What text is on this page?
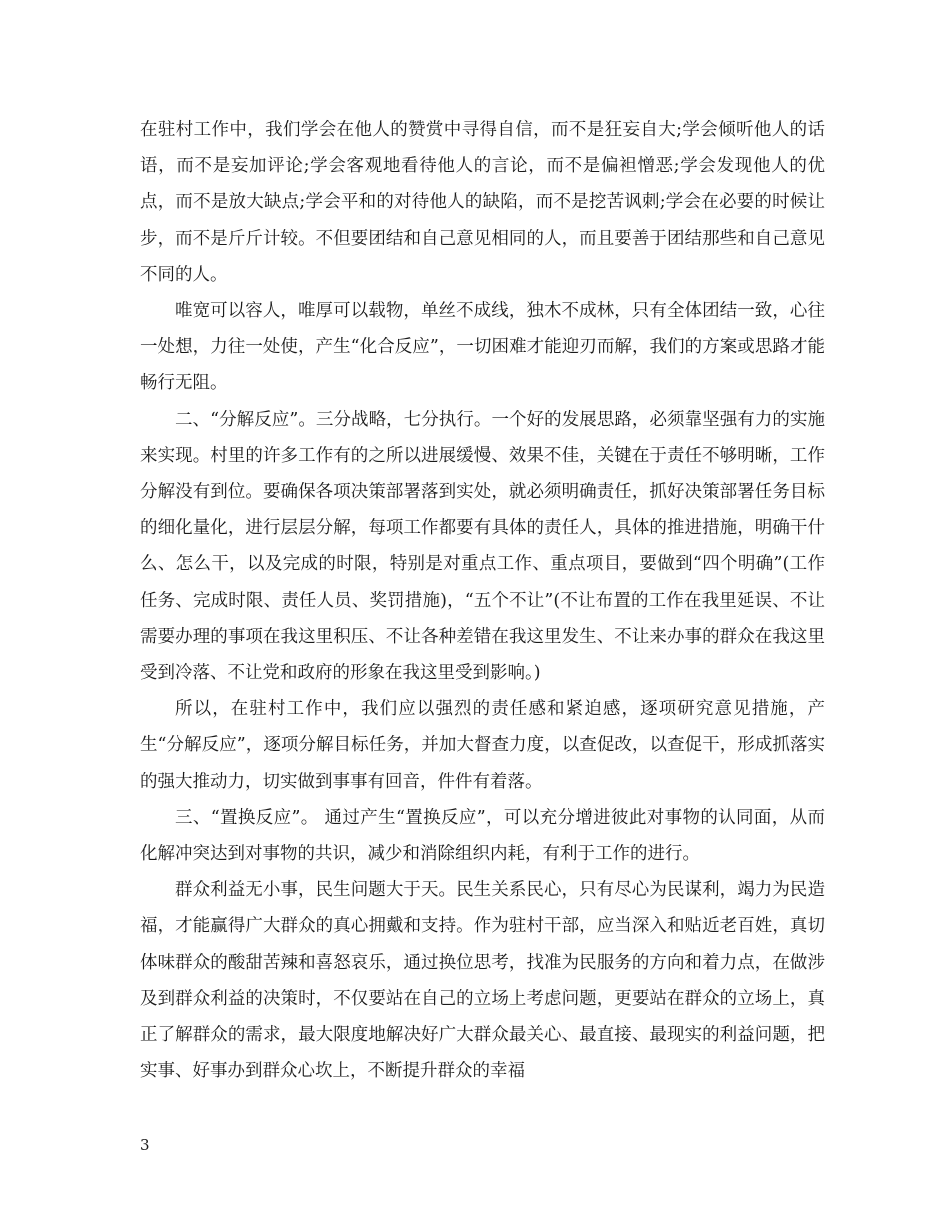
在驻村工作中，我们学会在他人的赞赏中寻得自信，而不是狂妄自大;学会倾听他人的话语，而不是妄加评论;学会客观地看待他人的言论，而不是偏袒憎恶;学会发现他人的优点，而不是放大缺点;学会平和的对待他人的缺陷，而不是挖苦讽刺;学会在必要的时候让步，而不是斤斤计较。不但要团结和自己意见相同的人，而且要善于团结那些和自己意见不同的人。

唯宽可以容人，唯厚可以载物，单丝不成线，独木不成林，只有全体团结一致，心往一处想，力往一处使，产生“化合反应”，一切困难才能迎刃而解，我们的方案或思路才能畅行无阻。

二、“分解反应”。三分战略，七分执行。一个好的发展思路，必须靠坚强有力的实施来实现。村里的许多工作有的之所以进展缓慢、效果不佳，关键在于责任不够明晰，工作分解没有到位。要确保各项决策部署落到实处，就必须明确责任，抓好决策部署任务目标的细化量化，进行层层分解，每项工作都要有具体的责任人，具体的推进措施，明确干什么、怎么干，以及完成的时限，特别是对重点工作、重点项目，要做到“四个明确”(工作任务、完成时限、责任人员、奖罚措施)，“五个不让”(不让布置的工作在我里延误、不让需要办理的事项在我这里积压、不让各种差错在我这里发生、不让来办事的群众在我这里受到冷落、不让党和政府的形象在我这里受到影响。)

所以，在驻村工作中，我们应以强烈的责任感和紧迫感，逐项研究意见措施，产生“分解反应”，逐项分解目标任务，并加大督查力度，以查促改，以查促干，形成抓落实的强大推动力，切实做到事事有回音，件件有着落。

三、“置换反应”。 通过产生“置换反应”，可以充分增进彼此对事物的认同面，从而化解冲突达到对事物的共识，减少和消除组织内耗，有利于工作的进行。

群众利益无小事，民生问题大于天。民生关系民心，只有尽心为民谋利，竭力为民造福，才能赢得广大群众的真心拥戴和支持。作为驻村干部，应当深入和贴近老百姓，真切体味群众的酸甜苦辣和喜怒哀乐，通过换位思考，找准为民服务的方向和着力点，在做涉及到群众利益的决策时，不仅要站在自己的立场上考虑问题，更要站在群众的立场上，真正了解群众的需求，最大限度地解决好广大群众最关心、最直接、最现实的利益问题，把实事、好事办到群众心坎上，不断提升群众的幸福

3
